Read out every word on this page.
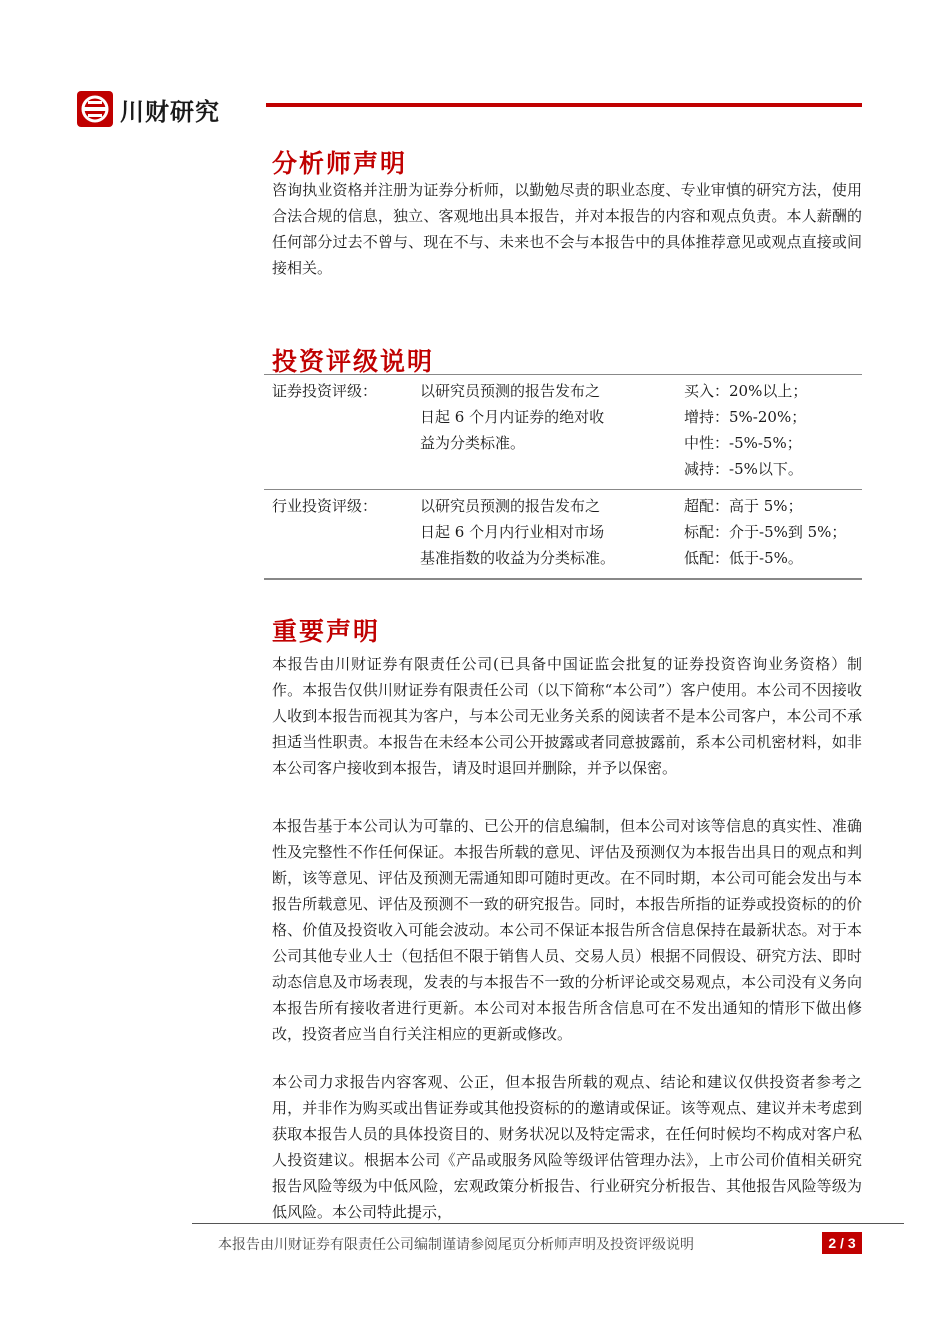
川财研究
分析师声明

咨询执业资格并注册为证券分析师，以勤勉尽责的职业态度、专业审慎的研究方法，使用合法合规的信息，独立、客观地出具本报告，并对本报告的内容和观点负责。本人薪酬的任何部分过去不曾与、现在不与、未来也不会与本报告中的具体推荐意见或观点直接或间接相关。

投资评级说明
证券投资评级：	以研究员预测的报告发布之
日起 6 个月内证券的绝对收
益为分类标准。	买入：20%以上；
增持：5%-20%；
中性：-5%-5%；
减持：-5%以下。

行业投资评级：	以研究员预测的报告发布之
日起 6 个月内行业相对市场
基准指数的收益为分类标准。	超配：高于 5%；
标配：介于-5%到 5%；
低配：低于-5%。
重要声明

本报告由川财证券有限责任公司(已具备中国证监会批复的证券投资咨询业务资格）制作。本报告仅供川财证券有限责任公司（以下简称“本公司”）客户使用。本公司不因接收人收到本报告而视其为客户，与本公司无业务关系的阅读者不是本公司客户，本公司不承担适当性职责。本报告在未经本公司公开披露或者同意披露前，系本公司机密材料，如非本公司客户接收到本报告，请及时退回并删除，并予以保密。

本报告基于本公司认为可靠的、已公开的信息编制，但本公司对该等信息的真实性、准确性及完整性不作任何保证。本报告所载的意见、评估及预测仅为本报告出具日的观点和判断，该等意见、评估及预测无需通知即可随时更改。在不同时期，本公司可能会发出与本报告所载意见、评估及预测不一致的研究报告。同时，本报告所指的证券或投资标的的价格、价值及投资收入可能会波动。本公司不保证本报告所含信息保持在最新状态。对于本公司其他专业人士（包括但不限于销售人员、交易人员）根据不同假设、研究方法、即时动态信息及市场表现，发表的与本报告不一致的分析评论或交易观点，本公司没有义务向本报告所有接收者进行更新。本公司对本报告所含信息可在不发出通知的情形下做出修改，投资者应当自行关注相应的更新或修改。

本公司力求报告内容客观、公正，但本报告所载的观点、结论和建议仅供投资者参考之用，并非作为购买或出售证券或其他投资标的的邀请或保证。该等观点、建议并未考虑到获取本报告人员的具体投资目的、财务状况以及特定需求，在任何时候均不构成对客户私人投资建议。根据本公司《产品或服务风险等级评估管理办法》，上市公司价值相关研究报告风险等级为中低风险，宏观政策分析报告、行业研究分析报告、其他报告风险等级为低风险。本公司特此提示，

本报告由川财证券有限责任公司编制谨请参阅尾页分析师声明及投资评级说明	2 / 3
